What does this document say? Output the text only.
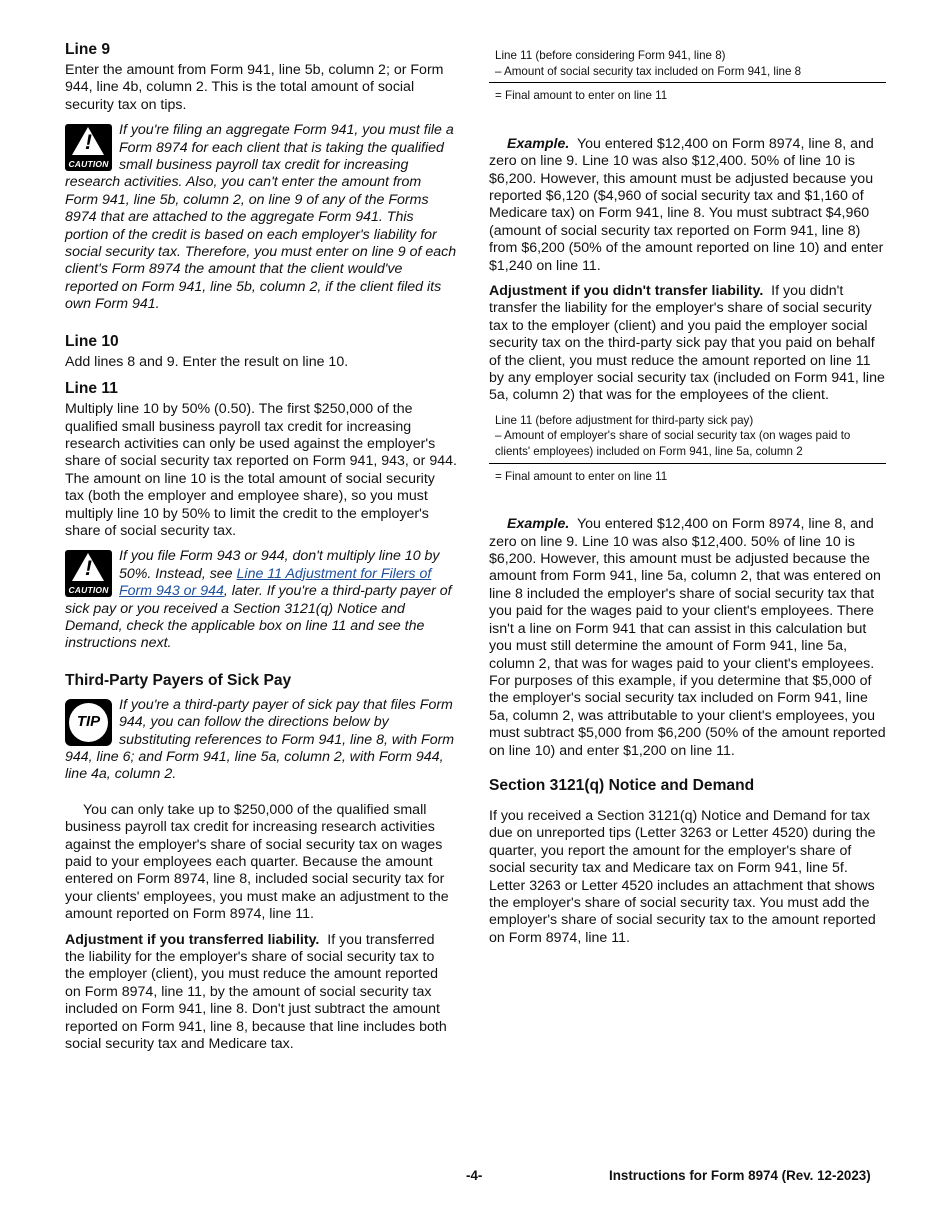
Line 9

Enter the amount from Form 941, line 5b, column 2; or Form 944, line 4b, column 2. This is the total amount of social security tax on tips.

!
CAUTION
If you're filing an aggregate Form 941, you must file a Form 8974 for each client that is taking the qualified small business payroll tax credit for increasing research activities. Also, you can't enter the amount from Form 941, line 5b, column 2, on line 9 of any of the Forms 8974 that are attached to the aggregate Form 941. This portion of the credit is based on each employer's liability for social security tax. Therefore, you must enter on line 9 of each client's Form 8974 the amount that the client would've reported on Form 941, line 5b, column 2, if the client filed its own Form 941.
Line 10

Add lines 8 and 9. Enter the result on line 10.

Line 11

Multiply line 10 by 50% (0.50). The first $250,000 of the qualified small business payroll tax credit for increasing research activities can only be used against the employer's share of social security tax reported on Form 941, 943, or 944. The amount on line 10 is the total amount of social security tax (both the employer and employee share), so you must multiply line 10 by 50% to limit the credit to the employer's share of social security tax.

!
CAUTION
If you file Form 943 or 944, don't multiply line 10 by 50%. Instead, see Line 11 Adjustment for Filers of Form 943 or 944, later. If you're a third-party payer of sick pay or you received a Section 3121(q) Notice and Demand, check the applicable box on line 11 and see the instructions next.
Third-Party Payers of Sick Pay
TIP
If you're a third-party payer of sick pay that files Form 944, you can follow the directions below by substituting references to Form 941, line 8, with Form 944, line 6; and Form 941, line 5a, column 2, with Form 944, line 4a, column 2.

You can only take up to $250,000 of the qualified small business payroll tax credit for increasing research activities against the employer's share of social security tax on wages paid to your employees each quarter. Because the amount entered on Form 8974, line 8, included social security tax for your clients' employees, you must make an adjustment to the amount reported on Form 8974, line 11.

Adjustment if you transferred liability. If you transferred the liability for the employer's share of social security tax to the employer (client), you must reduce the amount reported on Form 8974, line 11, by the amount of social security tax included on Form 941, line 8. Don't just subtract the amount reported on Form 941, line 8, because that line includes both social security tax and Medicare tax.

Line 11 (before considering Form 941, line 8)
– Amount of social security tax included on Form 941, line 8
= Final amount to enter on line 11

Example. You entered $12,400 on Form 8974, line 8, and zero on line 9. Line 10 was also $12,400. 50% of line 10 is $6,200. However, this amount must be adjusted because you reported $6,120 ($4,960 of social security tax and $1,160 of Medicare tax) on Form 941, line 8. You must subtract $4,960 (amount of social security tax reported on Form 941, line 8) from $6,200 (50% of the amount reported on line 10) and enter $1,240 on line 11.

Adjustment if you didn't transfer liability. If you didn't transfer the liability for the employer's share of social security tax to the employer (client) and you paid the employer social security tax on the third-party sick pay that you paid on behalf of the client, you must reduce the amount reported on line 11 by any employer social security tax (included on Form 941, line 5a, column 2) that was for the employees of the client.

Line 11 (before adjustment for third-party sick pay)
– Amount of employer's share of social security tax (on wages paid to clients' employees) included on Form 941, line 5a, column 2
= Final amount to enter on line 11

Example. You entered $12,400 on Form 8974, line 8, and zero on line 9. Line 10 was also $12,400. 50% of line 10 is $6,200. However, this amount must be adjusted because the amount from Form 941, line 5a, column 2, that was entered on line 8 included the employer's share of social security tax that you paid for the wages paid to your client's employees. There isn't a line on Form 941 that can assist in this calculation but you must still determine the amount of Form 941, line 5a, column 2, that was for wages paid to your client's employees. For purposes of this example, if you determine that $5,000 of the employer's social security tax included on Form 941, line 5a, column 2, was attributable to your client's employees, you must subtract $5,000 from $6,200 (50% of the amount reported on line 10) and enter $1,200 on line 11.

Section 3121(q) Notice and Demand

If you received a Section 3121(q) Notice and Demand for tax due on unreported tips (Letter 3263 or Letter 4520) during the quarter, you report the amount for the employer's share of social security tax and Medicare tax on Form 941, line 5f. Letter 3263 or Letter 4520 includes an attachment that shows the employer's share of social security tax. You must add the employer's share of social security tax to the amount reported on Form 8974, line 11.

-4-	Instructions for Form 8974 (Rev. 12-2023)
